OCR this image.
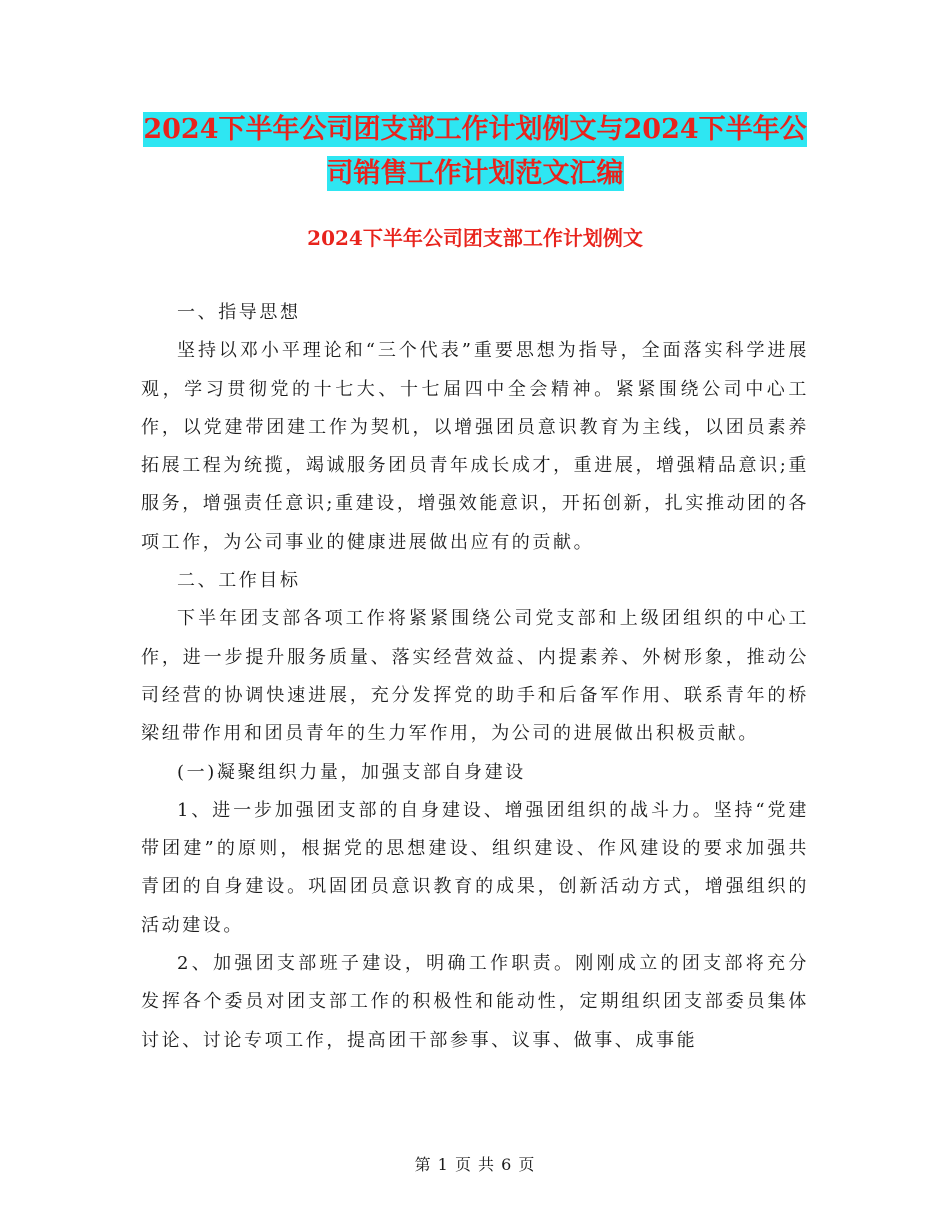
2024下半年公司团支部工作计划例文与2024下半年公
司销售工作计划范文汇编
2024下半年公司团支部工作计划例文

一、指导思想

坚持以邓小平理论和“三个代表”重要思想为指导，全面落实科学进展观，学习贯彻党的十七大、十七届四中全会精神。紧紧围绕公司中心工作，以党建带团建工作为契机，以增强团员意识教育为主线，以团员素养拓展工程为统揽，竭诚服务团员青年成长成才，重进展，增强精品意识;重服务，增强责任意识;重建设，增强效能意识，开拓创新，扎实推动团的各项工作，为公司事业的健康进展做出应有的贡献。

二、工作目标

下半年团支部各项工作将紧紧围绕公司党支部和上级团组织的中心工作，进一步提升服务质量、落实经营效益、内提素养、外树形象，推动公司经营的协调快速进展，充分发挥党的助手和后备军作用、联系青年的桥梁纽带作用和团员青年的生力军作用，为公司的进展做出积极贡献。

(一)凝聚组织力量，加强支部自身建设

1、进一步加强团支部的自身建设、增强团组织的战斗力。坚持“党建带团建”的原则，根据党的思想建设、组织建设、作风建设的要求加强共青团的自身建设。巩固团员意识教育的成果，创新活动方式，增强组织的活动建设。

2、加强团支部班子建设，明确工作职责。刚刚成立的团支部将充分发挥各个委员对团支部工作的积极性和能动性，定期组织团支部委员集体讨论、讨论专项工作，提高团干部参事、议事、做事、成事能

第 1 页 共 6 页
